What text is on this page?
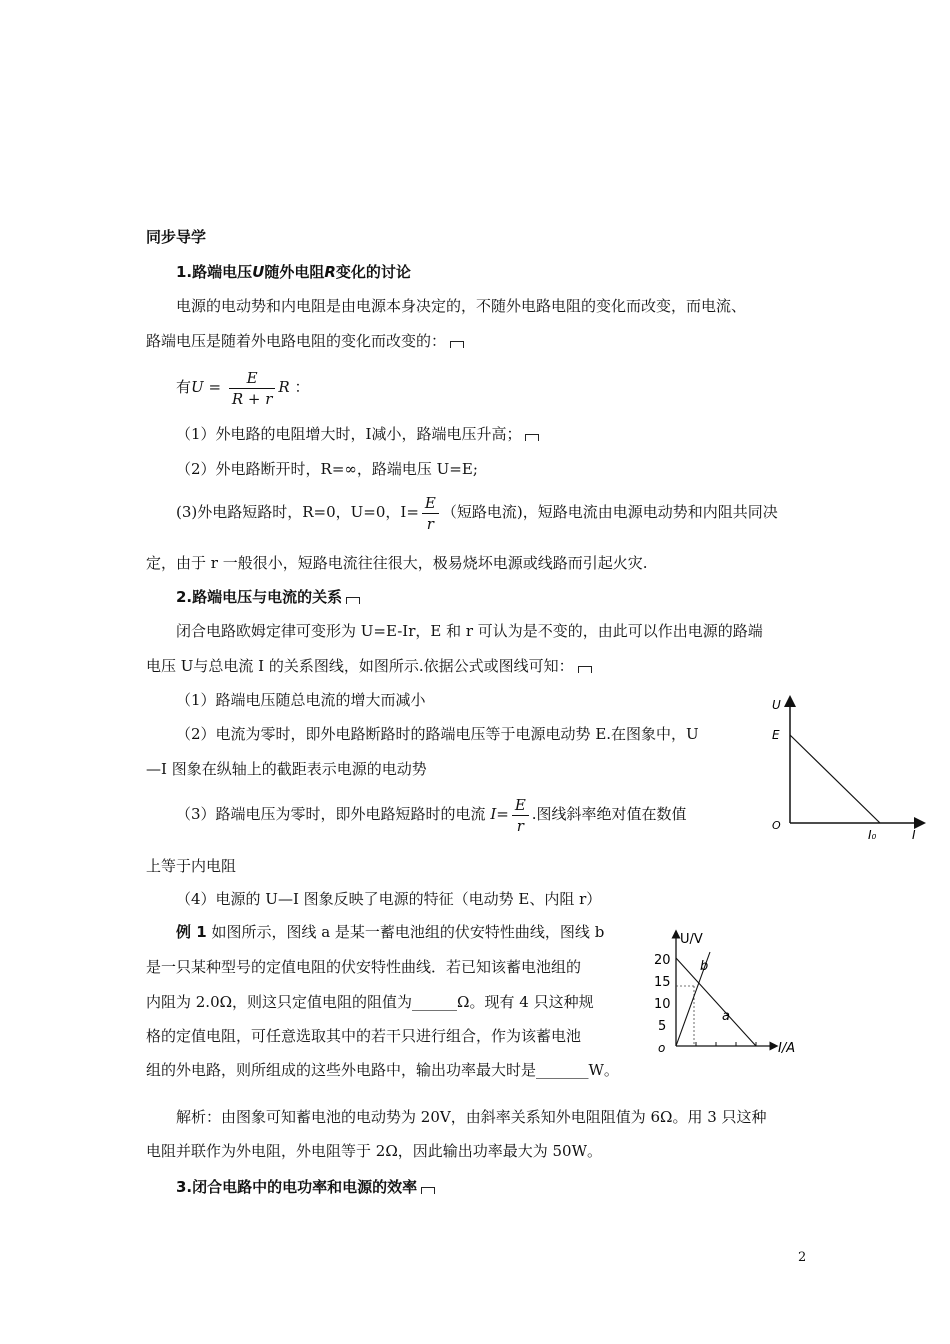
同步导学
1.路端电压U随外电阻R变化的讨论
电源的电动势和内电阻是由电源本身决定的，不随外电路电阻的变化而改变，而电流、
路端电压是随着外电路电阻的变化而改变的：
有$U = \frac{E}{R + r}$ R ：
（1）外电路的电阻增大时，I减小，路端电压升高；
（2）外电路断开时，R=∞，路端电压 U=E;
(3)外电路短路时，R=0，U=0，$I= \frac{E}{r}$ （短路电流)，短路电流由电源电动势和内阻共同决
定，由于 r 一般很小，短路电流往往很大，极易烧坏电源或线路而引起火灾.
2.路端电压与电流的关系
闭合电路欧姆定律可变形为 U=E-Ir，E 和 r 可认为是不变的，由此可以作出电源的路端
电压 U与总电流 I 的关系图线，如图所示.依据公式或图线可知：
（1）路端电压随总电流的增大而减小
（2）电流为零时，即外电路断路时的路端电压等于电源电动势 E.在图象中，U
—I 图象在纵轴上的截距表示电源的电动势
（3）路端电压为零时，即外电路短路时的电流 $I= \frac{E}{r}$ .图线斜率绝对值在数值
上等于内电阻
（4）电源的 U—I 图象反映了电源的特征（电动势 E、内阻 r）
U
I
O
E
I₀
例 1 如图所示，图线 a 是某一蓄电池组的伏安特性曲线，图线 b
是一只某种型号的定值电阻的伏安特性曲线．若已知该蓄电池组的
内阻为 2.0Ω，则这只定值电阻的阻值为______Ω。现有 4 只这种规
格的定值电阻，可任意选取其中的若干只进行组合，作为该蓄电池
组的外电路，则所组成的这些外电路中，输出功率最大时是_______W。
U/V
I/A
o
20
15
10
5
a
b
解析：由图象可知蓄电池的电动势为 20V，由斜率关系知外电阻阻值为 6Ω。用 3 只这种
电阻并联作为外电阻，外电阻等于 2Ω，因此输出功率最大为 50W。
3.闭合电路中的电功率和电源的效率
2
